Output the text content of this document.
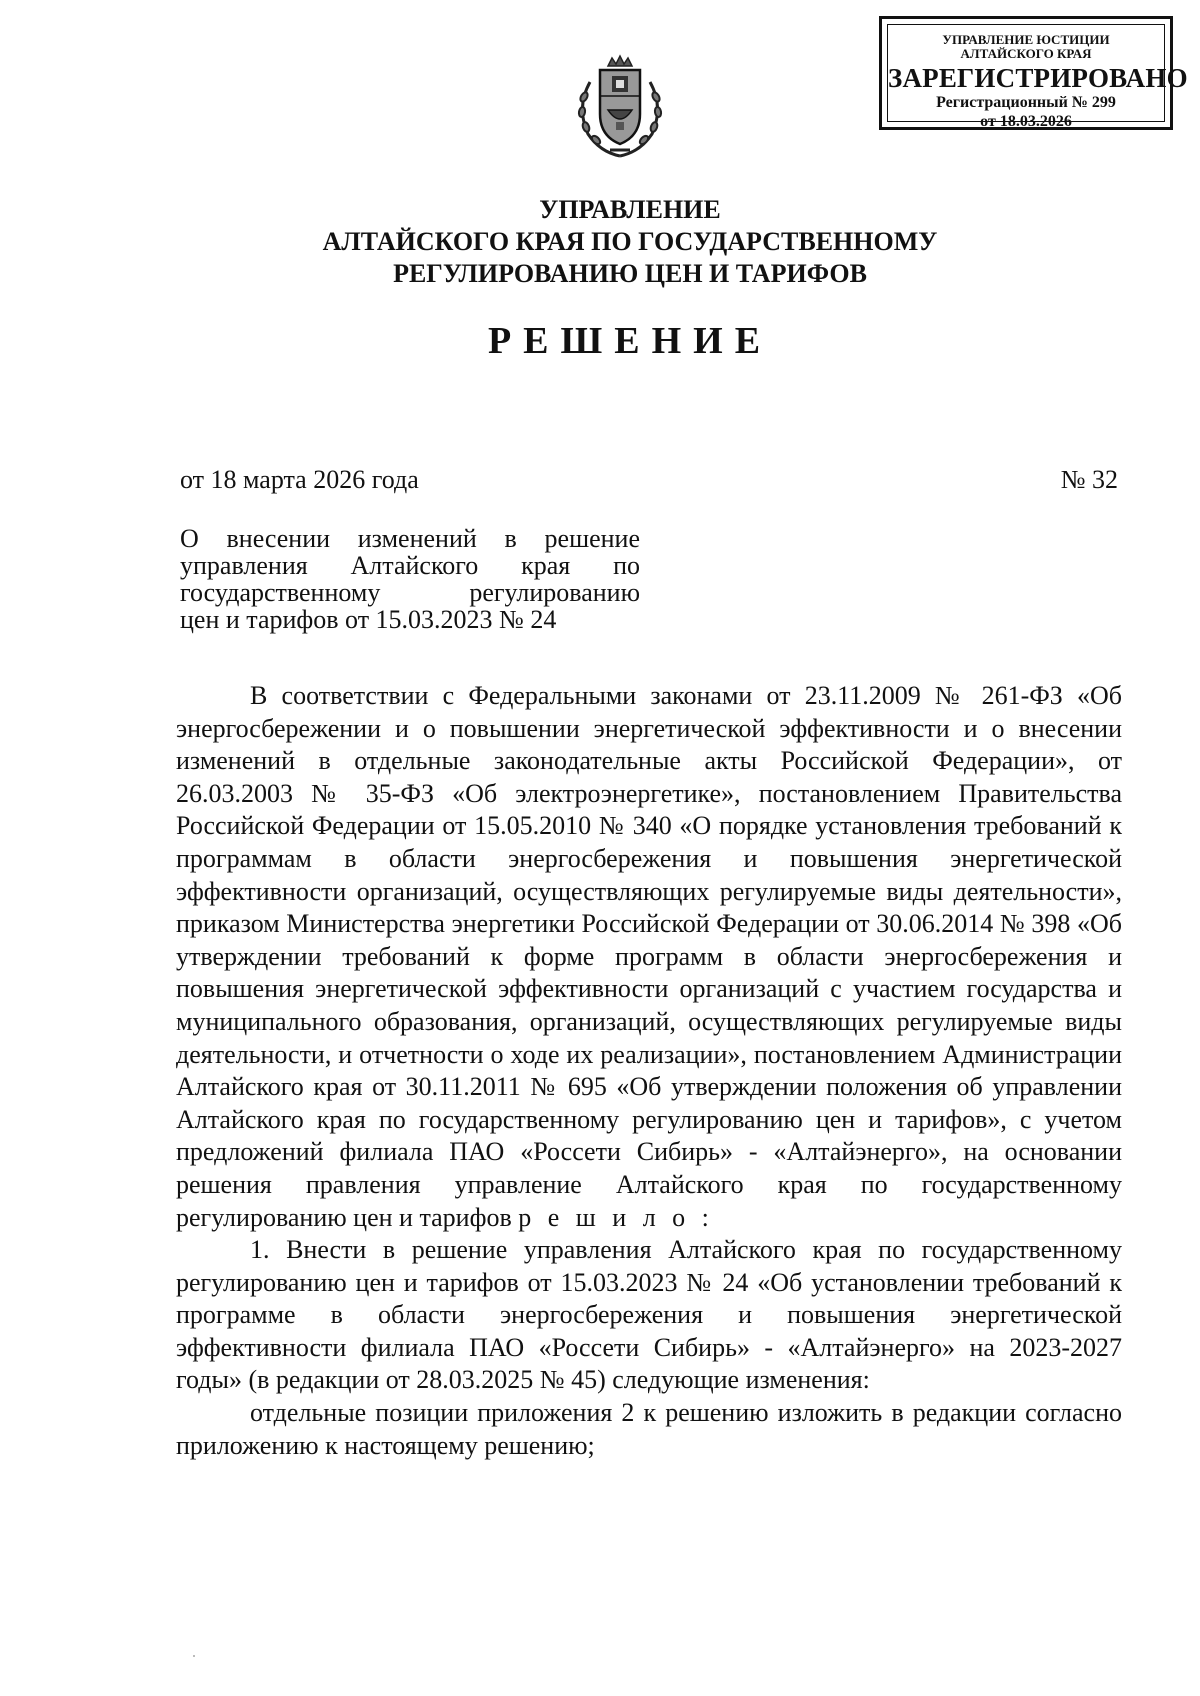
УПРАВЛЕНИЕ ЮСТИЦИИ
АЛТАЙСКОГО КРАЯ
ЗАРЕГИСТРИРОВАНО
Регистрационный № 299
от 18.03.2026
УПРАВЛЕНИЕ
АЛТАЙСКОГО КРАЯ ПО ГОСУДАРСТВЕННОМУ
РЕГУЛИРОВАНИЮ ЦЕН И ТАРИФОВ
РЕШЕНИЕ
от 18 марта 2026 года	№ 32
О внесении изменений в решение
управления Алтайского края по
государственному регулированию
цен и тарифов от 15.03.2023 № 24

В соответствии с Федеральными законами от 23.11.2009 № 261-ФЗ «Об энергосбережении и о повышении энергетической эффективности и о внесении изменений в отдельные законодательные акты Российской Федерации», от 26.03.2003 № 35-ФЗ «Об электроэнергетике», постановлением Правительства Российской Федерации от 15.05.2010 № 340 «О порядке установления требований к программам в области энергосбережения и повышения энергетической эффективности организаций, осуществляющих регулируемые виды деятельности», приказом Министерства энергетики Российской Федерации от 30.06.2014 № 398 «Об утверждении требований к форме программ в области энергосбережения и повышения энергетической эффективности организаций с участием государства и муниципального образования, организаций, осуществляющих регулируемые виды деятельности, и отчетности о ходе их реализации», постановлением Администрации Алтайского края от 30.11.2011 № 695 «Об утверждении положения об управлении Алтайского края по государственному регулированию цен и тарифов», с учетом предложений филиала ПАО «Россети Сибирь» - «Алтайэнерго», на основании решения правления управление Алтайского края по государственному регулированию цен и тарифов р е ш и л о :

1. Внести в решение управления Алтайского края по государственному регулированию цен и тарифов от 15.03.2023 № 24 «Об установлении требований к программе в области энергосбережения и повышения энергетической эффективности филиала ПАО «Россети Сибирь» - «Алтайэнерго» на 2023-2027 годы» (в редакции от 28.03.2025 № 45) следующие изменения:

отдельные позиции приложения 2 к решению изложить в редакции согласно приложению к настоящему решению;
